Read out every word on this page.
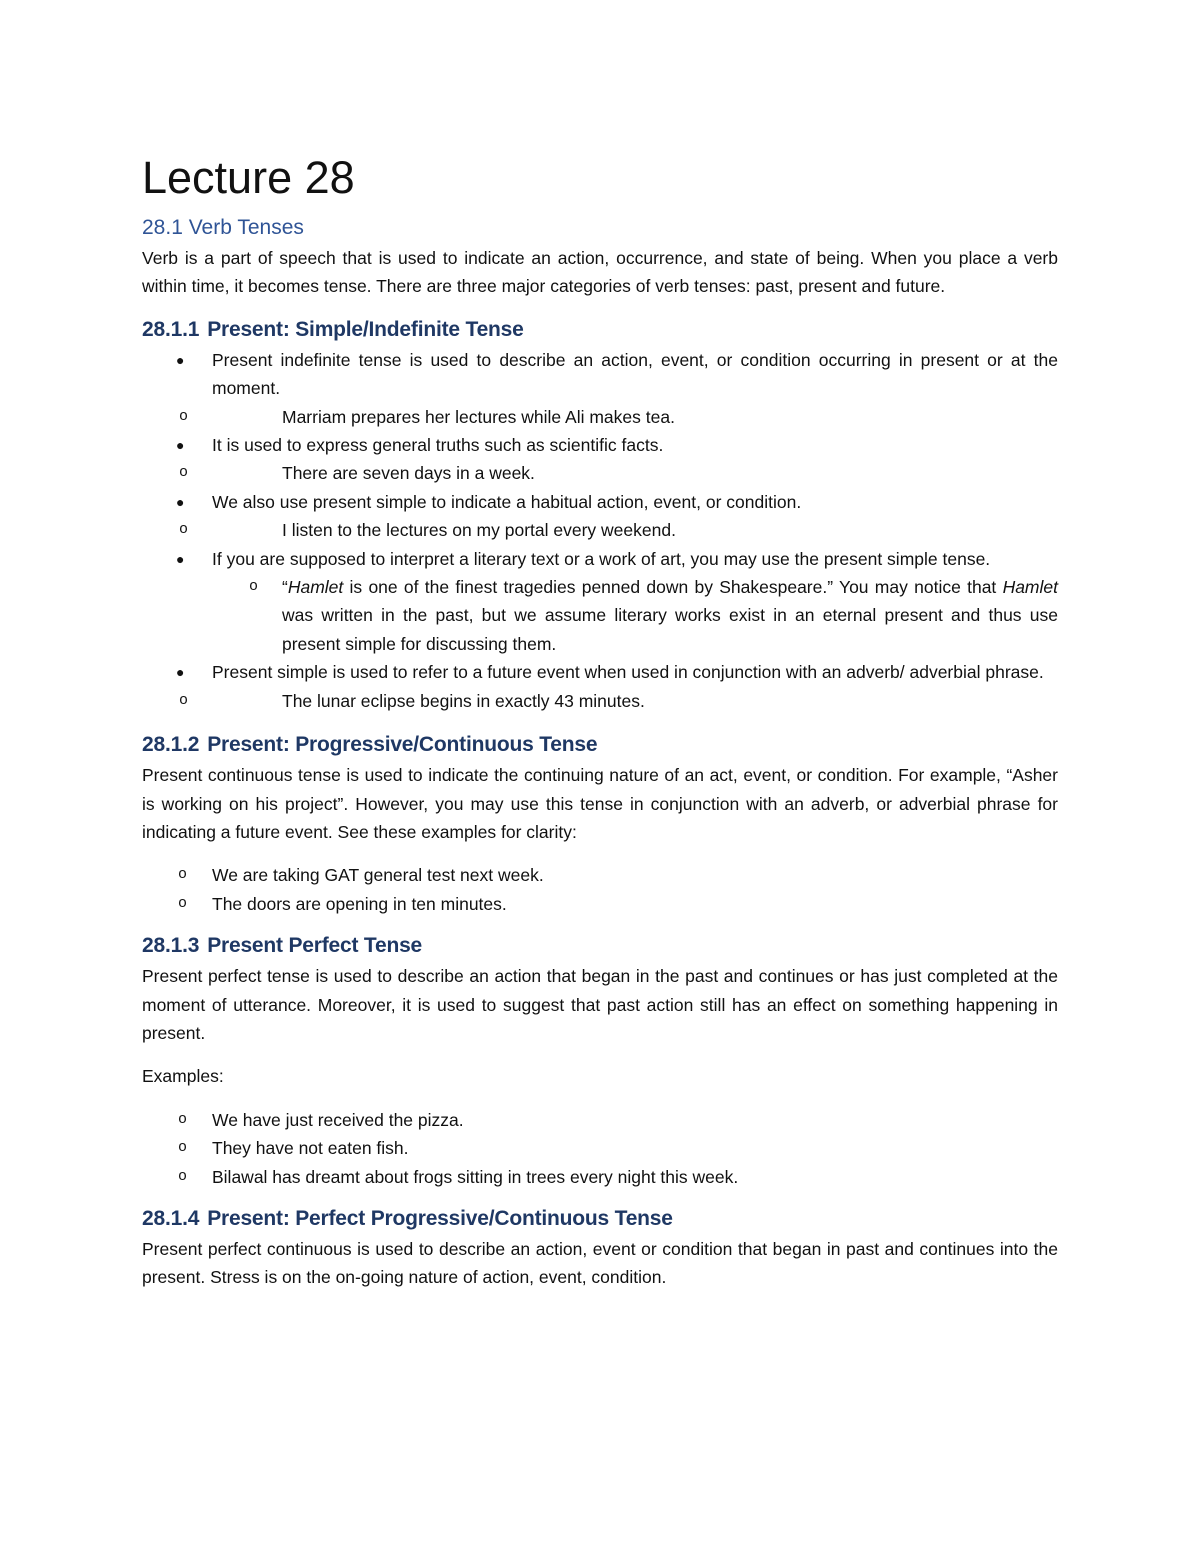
Lecture 28
28.1 Verb Tenses

Verb is a part of speech that is used to indicate an action, occurrence, and state of being. When you place a verb within time, it becomes tense. There are three major categories of verb tenses: past, present and future.

28.1.1 Present: Simple/Indefinite Tense
● Present indefinite tense is used to describe an action, event, or condition occurring in present or at the moment.
o	Marriam prepares her lectures while Ali makes tea.
● It is used to express general truths such as scientific facts.
o	There are seven days in a week.
● We also use present simple to indicate a habitual action, event, or condition.
o	I listen to the lectures on my portal every weekend.
● If you are supposed to interpret a literary text or a work of art, you may use the present simple tense.
o “Hamlet is one of the finest tragedies penned down by Shakespeare.” You may notice that Hamlet was written in the past, but we assume literary works exist in an eternal present and thus use present simple for discussing them.
● Present simple is used to refer to a future event when used in conjunction with an adverb/ adverbial phrase.
o	The lunar eclipse begins in exactly 43 minutes.
28.1.2 Present: Progressive/Continuous Tense

Present continuous tense is used to indicate the continuing nature of an act, event, or condition. For example, “Asher is working on his project”. However, you may use this tense in conjunction with an adverb, or adverbial phrase for indicating a future event. See these examples for clarity:

o We are taking GAT general test next week.
o The doors are opening in ten minutes.
28.1.3 Present Perfect Tense

Present perfect tense is used to describe an action that began in the past and continues or has just completed at the moment of utterance. Moreover, it is used to suggest that past action still has an effect on something happening in present.

Examples:

o We have just received the pizza.
o They have not eaten fish.
o Bilawal has dreamt about frogs sitting in trees every night this week.
28.1.4 Present: Perfect Progressive/Continuous Tense

Present perfect continuous is used to describe an action, event or condition that began in past and continues into the present. Stress is on the on-going nature of action, event, condition.
